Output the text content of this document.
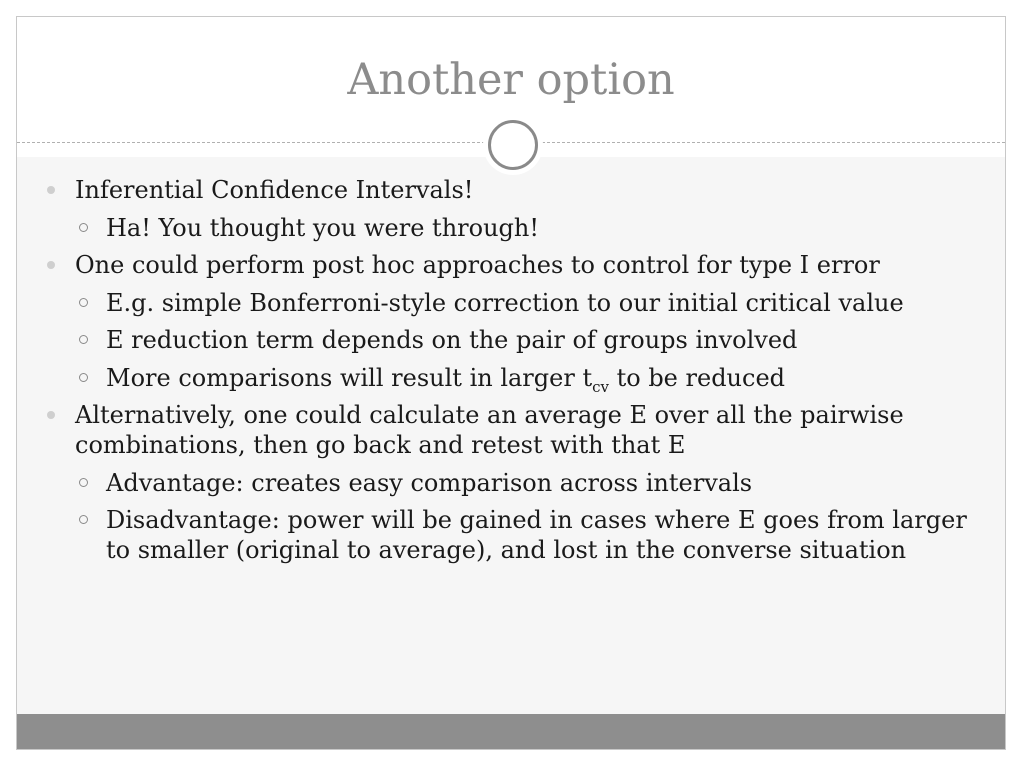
Another option
Inferential Confidence Intervals!
Ha! You thought you were through!
One could perform post hoc approaches to control for type I error
E.g. simple Bonferroni-style correction to our initial critical value
E reduction term depends on the pair of groups involved
More comparisons will result in larger $t_{cv}$ to be reduced
Alternatively, one could calculate an average E over all the pairwise combinations, then go back and retest with that E
Advantage: creates easy comparison across intervals
Disadvantage: power will be gained in cases where E goes from larger to smaller (original to average), and lost in the converse situation
